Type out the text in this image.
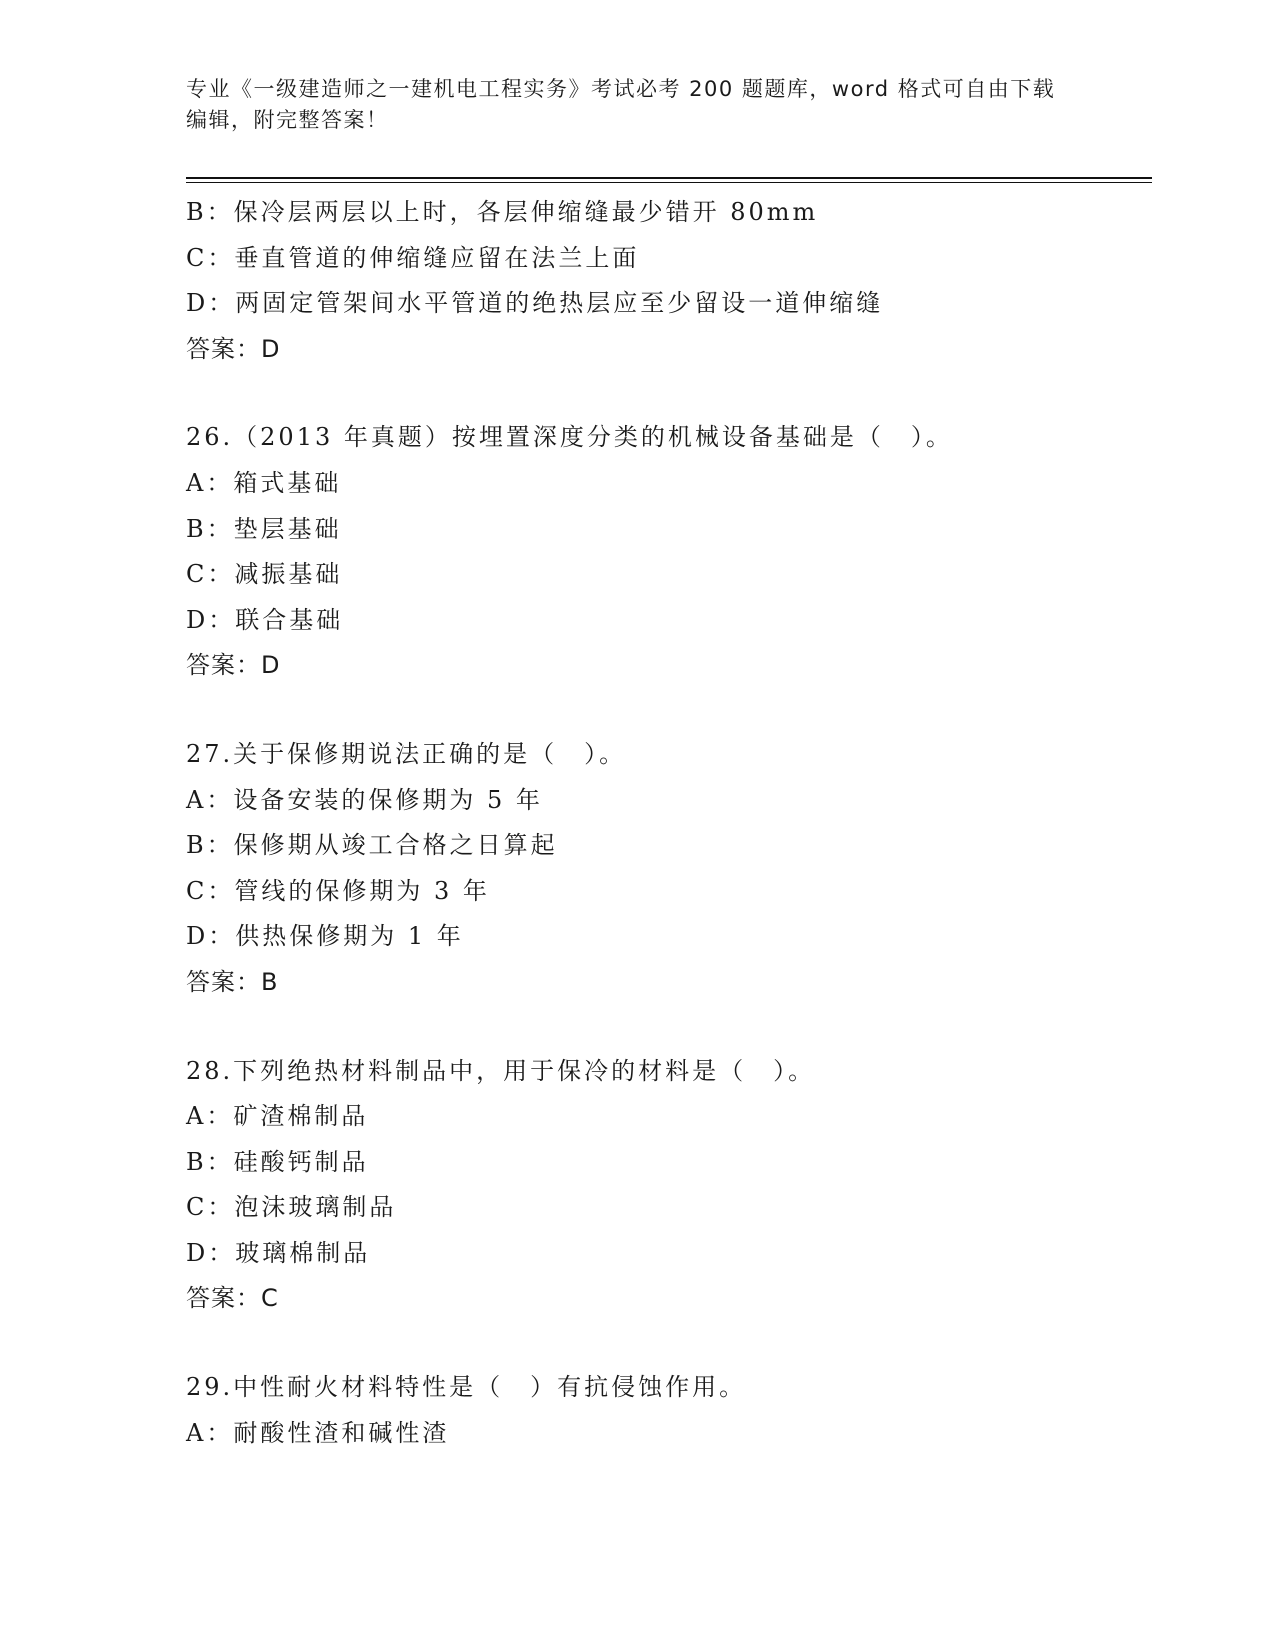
专业《一级建造师之一建机电工程实务》考试必考 200 题题库，word 格式可自由下载编辑，附完整答案！
B：保冷层两层以上时，各层伸缩缝最少错开 80mm
C：垂直管道的伸缩缝应留在法兰上面
D：两固定管架间水平管道的绝热层应至少留设一道伸缩缝
答案：D
26.（2013 年真题）按埋置深度分类的机械设备基础是（　）。
A：箱式基础
B：垫层基础
C：减振基础
D：联合基础
答案：D
27.关于保修期说法正确的是（　）。
A：设备安装的保修期为 5 年
B：保修期从竣工合格之日算起
C：管线的保修期为 3 年
D：供热保修期为 1 年
答案：B
28.下列绝热材料制品中，用于保冷的材料是（　）。
A：矿渣棉制品
B：硅酸钙制品
C：泡沫玻璃制品
D：玻璃棉制品
答案：C
29.中性耐火材料特性是（　）有抗侵蚀作用。
A：耐酸性渣和碱性渣
